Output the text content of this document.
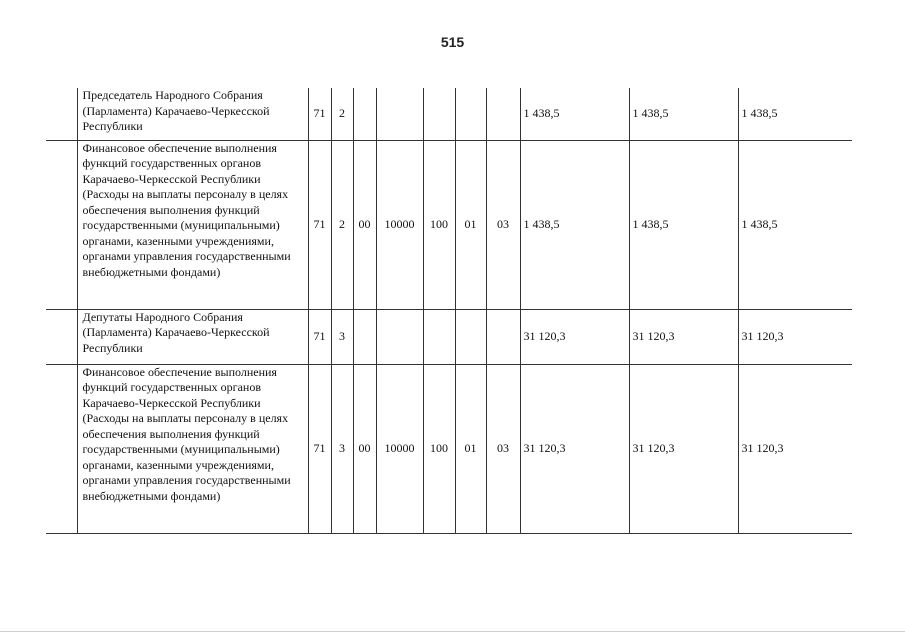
515
	Председатель Народного Собрания (Парламента) Карачаево-Черкесской Республики	71	2						1 438,5	1 438,5	1 438,5
	Финансовое обеспечение выполнения функций государственных органов Карачаево-Черкесской Республики (Расходы на выплаты персоналу в целях обеспечения выполнения функций государственными (муниципальными) органами, казенными учреждениями, органами управления государственными внебюджетными фондами)	71	2	00	10000	100	01	03	1 438,5	1 438,5	1 438,5
	Депутаты Народного Собрания (Парламента) Карачаево-Черкесской Республики	71	3						31 120,3	31 120,3	31 120,3
	Финансовое обеспечение выполнения функций государственных органов Карачаево-Черкесской Республики (Расходы на выплаты персоналу в целях обеспечения выполнения функций государственными (муниципальными) органами, казенными учреждениями, органами управления государственными внебюджетными фондами)	71	3	00	10000	100	01	03	31 120,3	31 120,3	31 120,3
